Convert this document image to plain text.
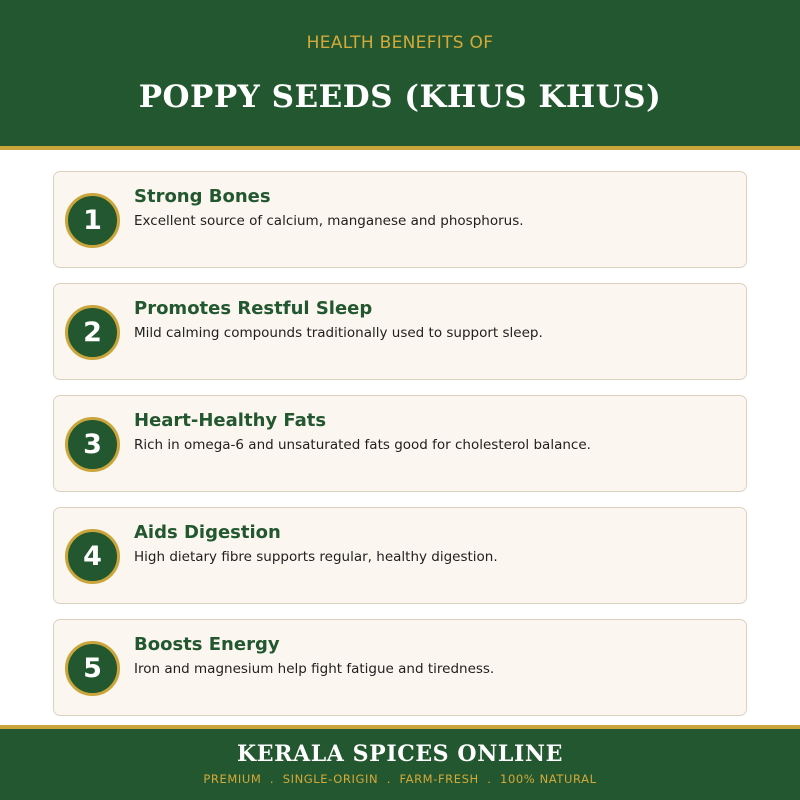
HEALTH BENEFITS OF
POPPY SEEDS (KHUS KHUS)
1
Strong Bones
Excellent source of calcium, manganese and phosphorus.
2
Promotes Restful Sleep
Mild calming compounds traditionally used to support sleep.
3
Heart-Healthy Fats
Rich in omega-6 and unsaturated fats good for cholesterol balance.
4
Aids Digestion
High dietary fibre supports regular, healthy digestion.
5
Boosts Energy
Iron and magnesium help fight fatigue and tiredness.
KERALA SPICES ONLINE
PREMIUM  .  SINGLE-ORIGIN  .  FARM-FRESH  .  100% NATURAL
